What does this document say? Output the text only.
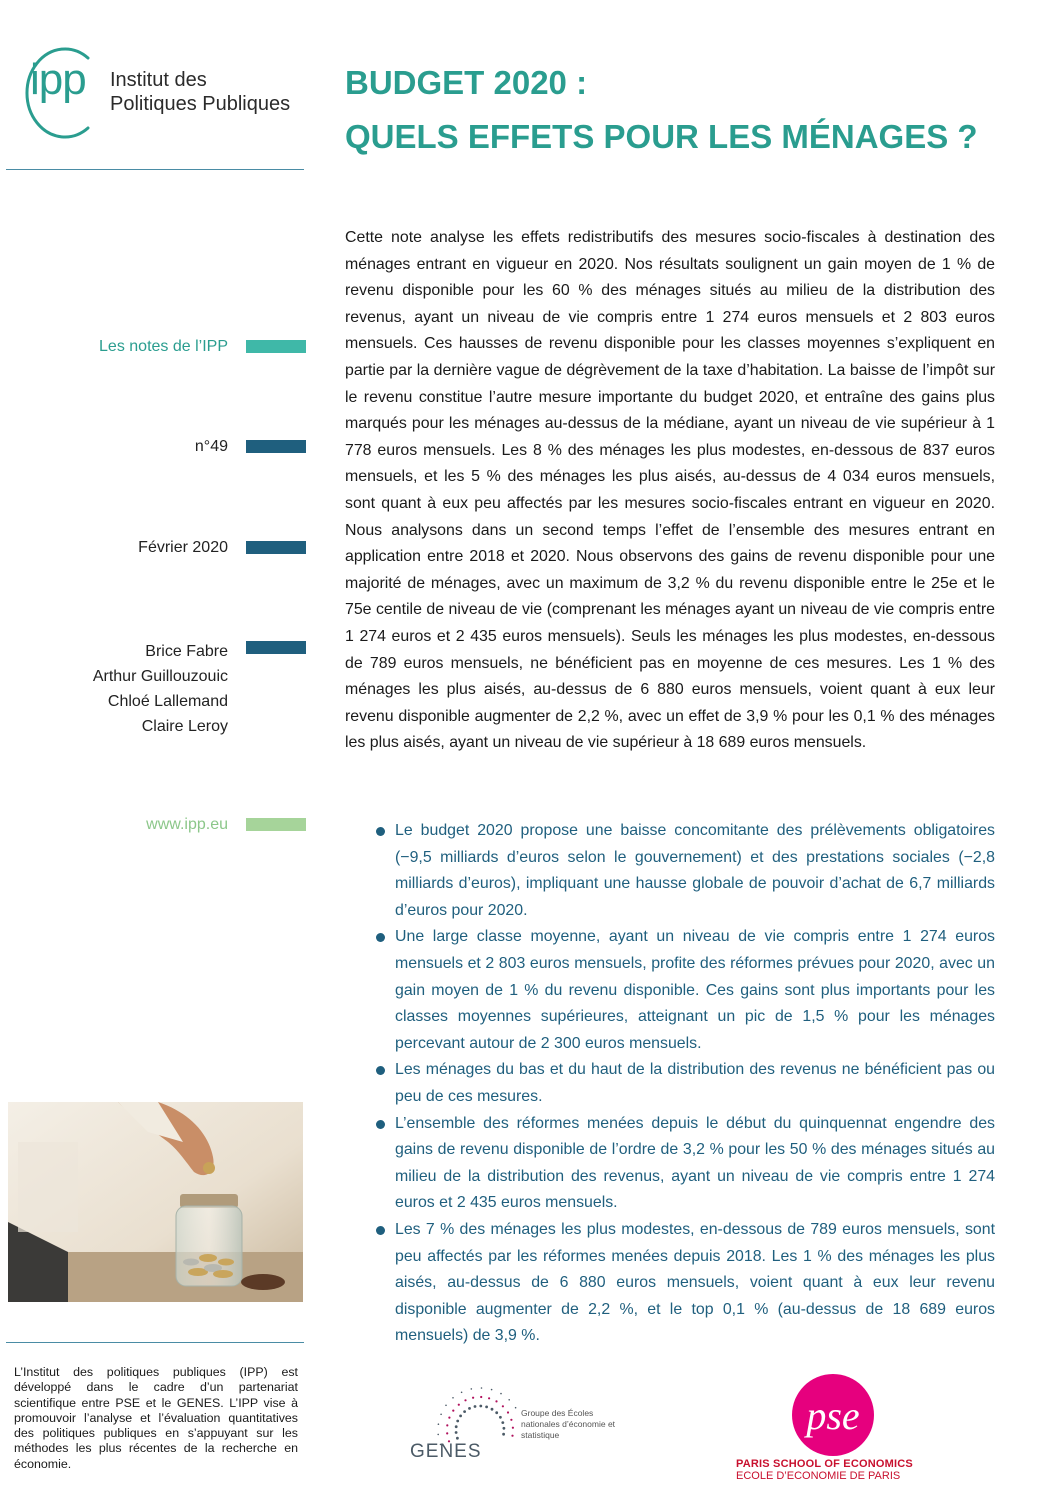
ipp Institut des
Politiques Publiques
BUDGET 2020 :
QUELS EFFETS POUR LES MÉNAGES ?
Les notes de l’IPP
n°49
Février 2020
Brice Fabre
Arthur Guillouzouic
Chloé Lallemand
Claire Leroy
www.ipp.eu
Cette note analyse les effets redistributifs des mesures socio-fiscales à destination des ménages entrant en vigueur en 2020. Nos résultats soulignent un gain moyen de 1 % de revenu disponible pour les 60 % des ménages situés au milieu de la distribution des revenus, ayant un niveau de vie compris entre 1 274 euros mensuels et 2 803 euros mensuels. Ces hausses de revenu disponible pour les classes moyennes s’expliquent en partie par la dernière vague de dégrèvement de la taxe d’habitation. La baisse de l’impôt sur le revenu constitue l’autre mesure importante du budget 2020, et entraîne des gains plus marqués pour les ménages au-dessus de la médiane, ayant un niveau de vie supérieur à 1 778 euros mensuels. Les 8 % des ménages les plus modestes, en-dessous de 837 euros mensuels, et les 5 % des ménages les plus aisés, au-dessus de 4 034 euros mensuels, sont quant à eux peu affectés par les mesures socio-fiscales entrant en vigueur en 2020. Nous analysons dans un second temps l’effet de l’ensemble des mesures entrant en application entre 2018 et 2020. Nous observons des gains de revenu disponible pour une majorité de ménages, avec un maximum de 3,2 % du revenu disponible entre le 25e et le 75e centile de niveau de vie (comprenant les ménages ayant un niveau de vie compris entre 1 274 euros et 2 435 euros mensuels). Seuls les ménages les plus modestes, en-dessous de 789 euros mensuels, ne bénéficient pas en moyenne de ces mesures. Les 1 % des ménages les plus aisés, au-dessus de 6 880 euros mensuels, voient quant à eux leur revenu disponible augmenter de 2,2 %, avec un effet de 3,9 % pour les 0,1 % des ménages les plus aisés, ayant un niveau de vie supérieur à 18 689 euros mensuels.
Le budget 2020 propose une baisse concomitante des prélèvements obligatoires (−9,5 milliards d’euros selon le gouvernement) et des prestations sociales (−2,8 milliards d’euros), impliquant une hausse globale de pouvoir d’achat de 6,7 milliards d’euros pour 2020.
Une large classe moyenne, ayant un niveau de vie compris entre 1 274 euros mensuels et 2 803 euros mensuels, profite des réformes prévues pour 2020, avec un gain moyen de 1 % du revenu disponible. Ces gains sont plus importants pour les classes moyennes supérieures, atteignant un pic de 1,5 % pour les ménages percevant autour de 2 300 euros mensuels.
Les ménages du bas et du haut de la distribution des revenus ne bénéficient pas ou peu de ces mesures.
L’ensemble des réformes menées depuis le début du quinquennat engendre des gains de revenu disponible de l’ordre de 3,2 % pour les 50 % des ménages situés au milieu de la distribution des revenus, ayant un niveau de vie compris entre 1 274 euros et 2 435 euros mensuels.
Les 7 % des ménages les plus modestes, en-dessous de 789 euros mensuels, sont peu affectés par les réformes menées depuis 2018. Les 1 % des ménages les plus aisés, au-dessus de 6 880 euros mensuels, voient quant à eux leur revenu disponible augmenter de 2,2 %, et le top 0,1 % (au-dessus de 18 689 euros mensuels) de 3,9 %.
L’Institut des politiques publiques (IPP) est développé dans le cadre d’un partenariat scientifique entre PSE et le GENES. L’IPP vise à promouvoir l’analyse et l’évaluation quantitatives des politiques publiques en s’appuyant sur les méthodes les plus récentes de la recherche en économie.
GENES
Groupe des Écoles nationales d’économie et statistique	pse
PARIS SCHOOL OF ECONOMICS
ECOLE D’ECONOMIE DE PARIS
